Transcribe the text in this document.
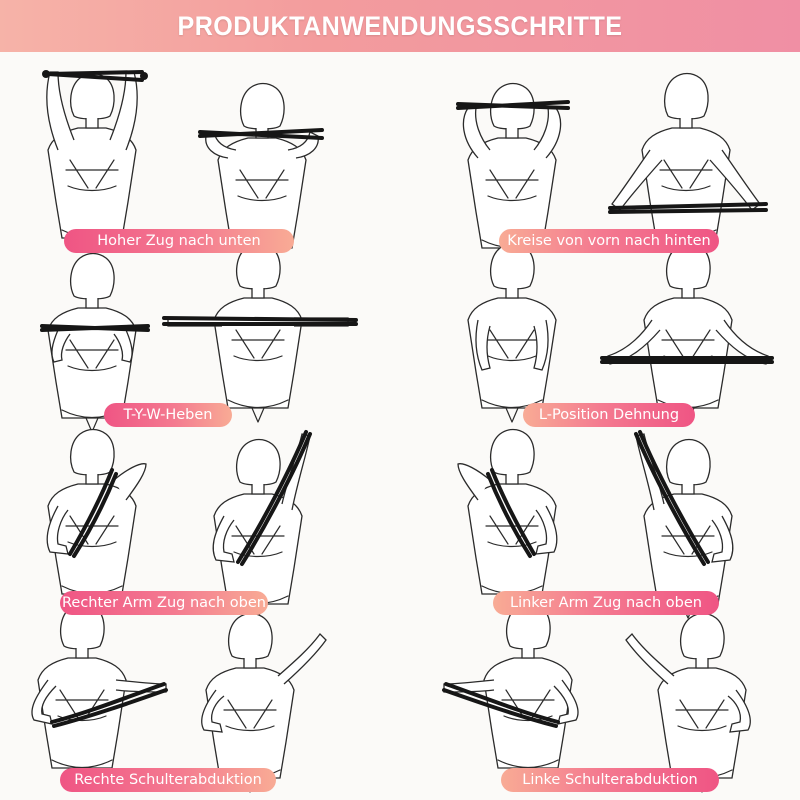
PRODUKTANWENDUNGSSCHRITTE
Hoher Zug nach unten	Kreise von vorn nach hinten
T-Y-W-Heben	L-Position Dehnung
Rechter Arm Zug nach oben	Linker Arm Zug nach oben
Rechte Schulterabduktion	Linke Schulterabduktion
